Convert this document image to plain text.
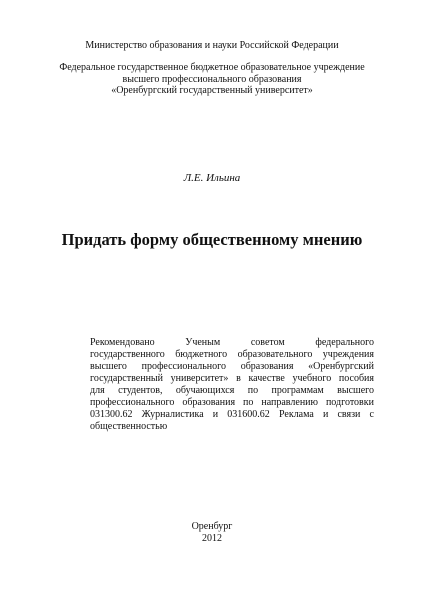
Министерство образования и науки Российской Федерации
Федеральное государственное бюджетное образовательное учреждение
высшего профессионального образования
«Оренбургский государственный университет»
Л.Е. Ильина
Придать форму общественному мнению
Рекомендовано Ученым советом федерального
государственного бюджетного образовательного учреждения
высшего профессионального образования «Оренбургский
государственный университет» в качестве учебного пособия
для студентов, обучающихся по программам высшего
профессионального образования по направлению подготовки
031300.62 Журналистика и 031600.62 Реклама и связи с
общественностью
Оренбург
2012
